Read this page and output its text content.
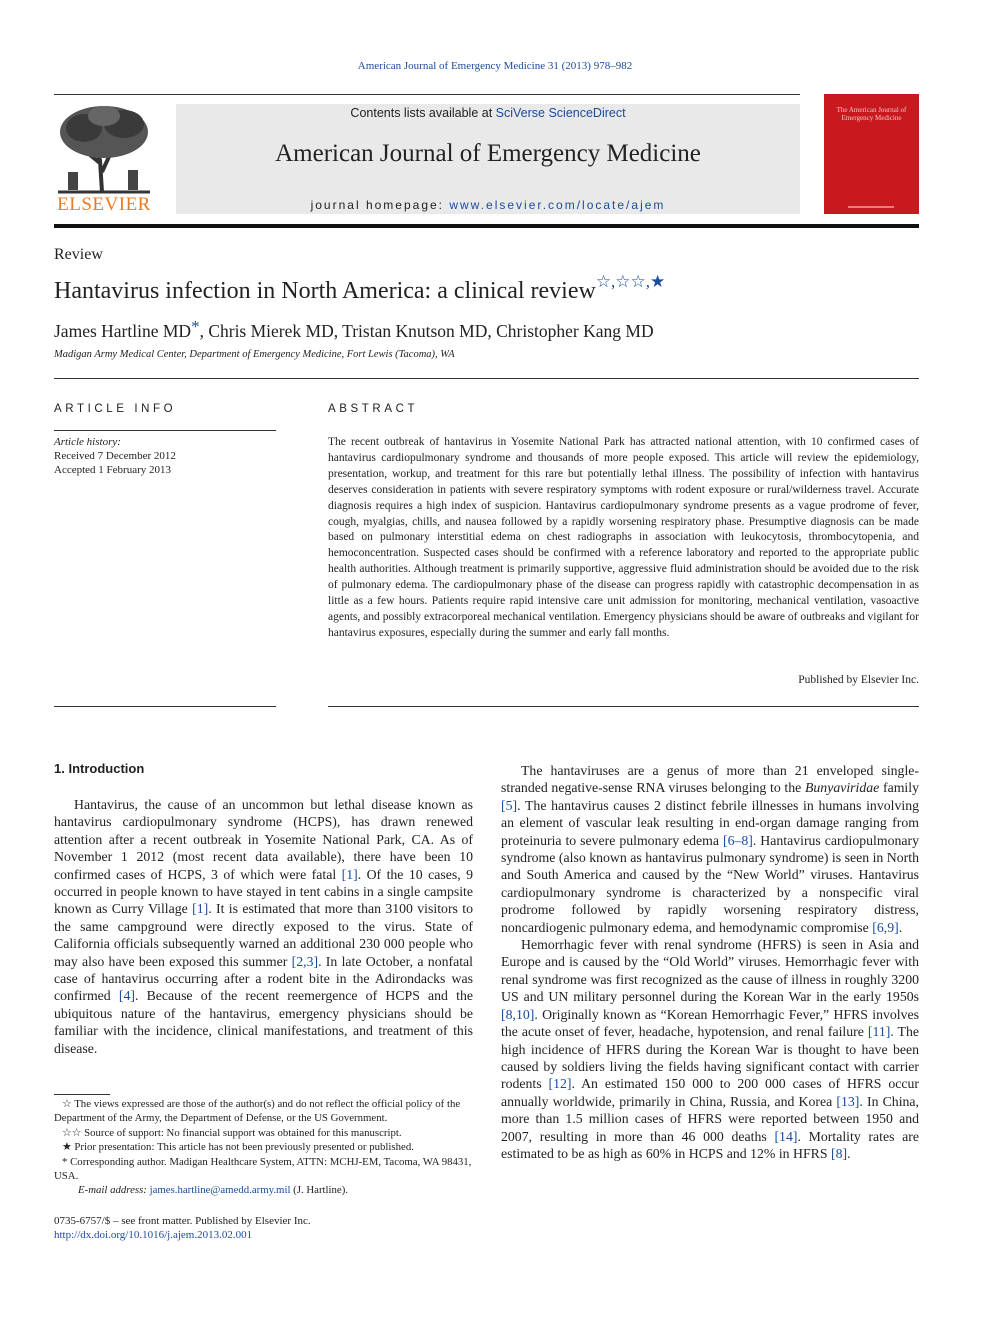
American Journal of Emergency Medicine 31 (2013) 978–982
ELSEVIER
Contents lists available at SciVerse ScienceDirect
American Journal of Emergency Medicine
journal homepage: www.elsevier.com/locate/ajem
The American Journal of Emergency Medicine
Review
Hantavirus infection in North America: a clinical review☆,☆☆,★
James Hartline MD*, Chris Mierek MD, Tristan Knutson MD, Christopher Kang MD
Madigan Army Medical Center, Department of Emergency Medicine, Fort Lewis (Tacoma), WA
ARTICLE INFO
Article history:
Received 7 December 2012
Accepted 1 February 2013
ABSTRACT
The recent outbreak of hantavirus in Yosemite National Park has attracted national attention, with 10 confirmed cases of hantavirus cardiopulmonary syndrome and thousands of more people exposed. This article will review the epidemiology, presentation, workup, and treatment for this rare but potentially lethal illness. The possibility of infection with hantavirus deserves consideration in patients with severe respiratory symptoms with rodent exposure or rural/wilderness travel. Accurate diagnosis requires a high index of suspicion. Hantavirus cardiopulmonary syndrome presents as a vague prodrome of fever, cough, myalgias, chills, and nausea followed by a rapidly worsening respiratory phase. Presumptive diagnosis can be made based on pulmonary interstitial edema on chest radiographs in association with leukocytosis, thrombocytopenia, and hemoconcentration. Suspected cases should be confirmed with a reference laboratory and reported to the appropriate public health authorities. Although treatment is primarily supportive, aggressive fluid administration should be avoided due to the risk of pulmonary edema. The cardiopulmonary phase of the disease can progress rapidly with catastrophic decompensation in as little as a few hours. Patients require rapid intensive care unit admission for monitoring, mechanical ventilation, vasoactive agents, and possibly extracorporeal mechanical ventilation. Emergency physicians should be aware of outbreaks and vigilant for hantavirus exposures, especially during the summer and early fall months.
Published by Elsevier Inc.
1. Introduction

Hantavirus, the cause of an uncommon but lethal disease known as hantavirus cardiopulmonary syndrome (HCPS), has drawn renewed attention after a recent outbreak in Yosemite National Park, CA. As of November 1 2012 (most recent data available), there have been 10 confirmed cases of HCPS, 3 of which were fatal [1]. Of the 10 cases, 9 occurred in people known to have stayed in tent cabins in a single campsite known as Curry Village [1]. It is estimated that more than 3100 visitors to the same campground were directly exposed to the virus. State of California officials subsequently warned an additional 230 000 people who may also have been exposed this summer [2,3]. In late October, a nonfatal case of hantavirus occurring after a rodent bite in the Adirondacks was confirmed [4]. Because of the recent reemergence of HCPS and the ubiquitous nature of the hantavirus, emergency physicians should be familiar with the incidence, clinical manifestations, and treatment of this disease.

The hantaviruses are a genus of more than 21 enveloped single-stranded negative-sense RNA viruses belonging to the Bunyaviridae family [5]. The hantavirus causes 2 distinct febrile illnesses in humans involving an element of vascular leak resulting in end-organ damage ranging from proteinuria to severe pulmonary edema [6–8]. Hantavirus cardiopulmonary syndrome (also known as hantavirus pulmonary syndrome) is seen in North and South America and caused by the “New World” viruses. Hantavirus cardiopulmonary syndrome is characterized by a nonspecific viral prodrome followed by rapidly worsening respiratory distress, noncardiogenic pulmonary edema, and hemodynamic compromise [6,9].

Hemorrhagic fever with renal syndrome (HFRS) is seen in Asia and Europe and is caused by the “Old World” viruses. Hemorrhagic fever with renal syndrome was first recognized as the cause of illness in roughly 3200 US and UN military personnel during the Korean War in the early 1950s [8,10]. Originally known as “Korean Hemorrhagic Fever,” HFRS involves the acute onset of fever, headache, hypotension, and renal failure [11]. The high incidence of HFRS during the Korean War is thought to have been caused by soldiers living the fields having significant contact with carrier rodents [12]. An estimated 150 000 to 200 000 cases of HFRS occur annually worldwide, primarily in China, Russia, and Korea [13]. In China, more than 1.5 million cases of HFRS were reported between 1950 and 2007, resulting in more than 46 000 deaths [14]. Mortality rates are estimated to be as high as 60% in HCPS and 12% in HFRS [8].

☆ The views expressed are those of the author(s) and do not reflect the official policy of the Department of the Army, the Department of Defense, or the US Government.
☆☆ Source of support: No financial support was obtained for this manuscript.
★ Prior presentation: This article has not been previously presented or published.
* Corresponding author. Madigan Healthcare System, ATTN: MCHJ-EM, Tacoma, WA 98431, USA.
E-mail address: james.hartline@amedd.army.mil (J. Hartline).
0735-6757/$ – see front matter. Published by Elsevier Inc.
http://dx.doi.org/10.1016/j.ajem.2013.02.001
